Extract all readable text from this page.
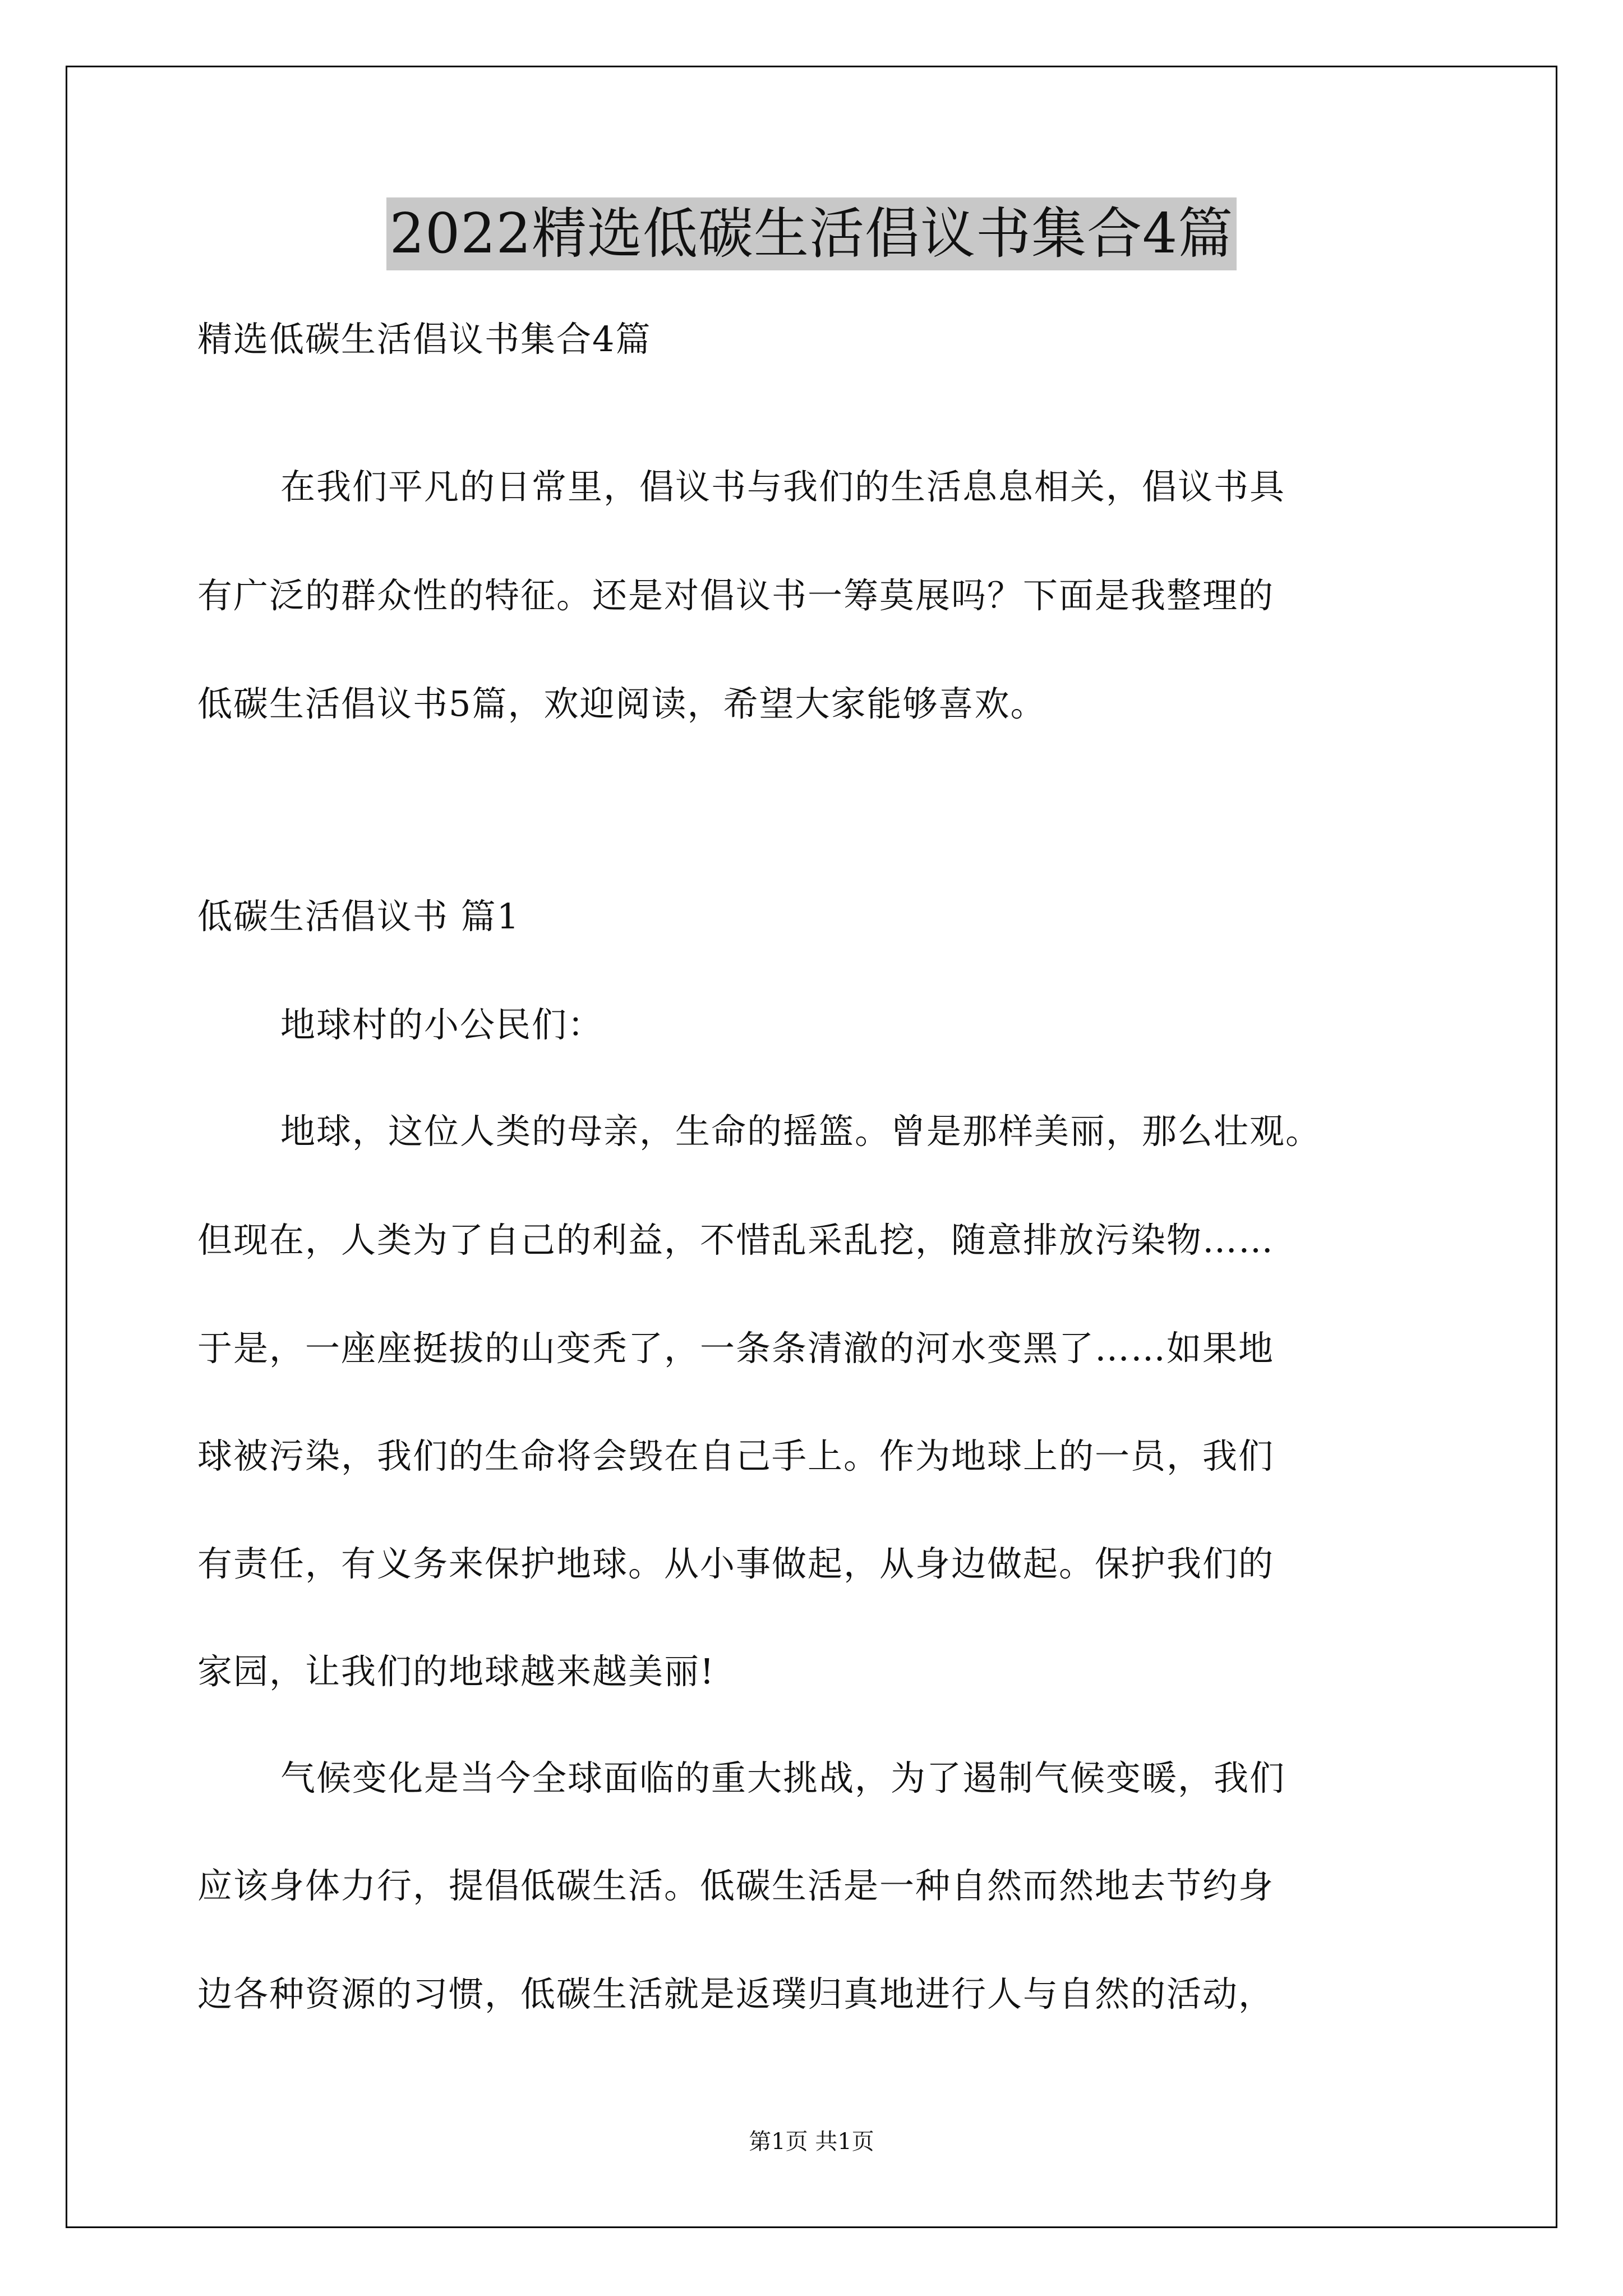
2022精选低碳生活倡议书集合4篇
精选低碳生活倡议书集合4篇
在我们平凡的日常里，倡议书与我们的生活息息相关，倡议书具
有广泛的群众性的特征。还是对倡议书一筹莫展吗？下面是我整理的
低碳生活倡议书5篇，欢迎阅读，希望大家能够喜欢。
低碳生活倡议书 篇1
地球村的小公民们：
地球，这位人类的母亲，生命的摇篮。曾是那样美丽，那么壮观。
但现在，人类为了自己的利益，不惜乱采乱挖，随意排放污染物……
于是，一座座挺拔的山变秃了，一条条清澈的河水变黑了……如果地
球被污染，我们的生命将会毁在自己手上。作为地球上的一员，我们
有责任，有义务来保护地球。从小事做起，从身边做起。保护我们的
家园，让我们的地球越来越美丽!
气候变化是当今全球面临的重大挑战，为了遏制气候变暖，我们
应该身体力行，提倡低碳生活。低碳生活是一种自然而然地去节约身
边各种资源的习惯，低碳生活就是返璞归真地进行人与自然的活动，
第1页 共1页
